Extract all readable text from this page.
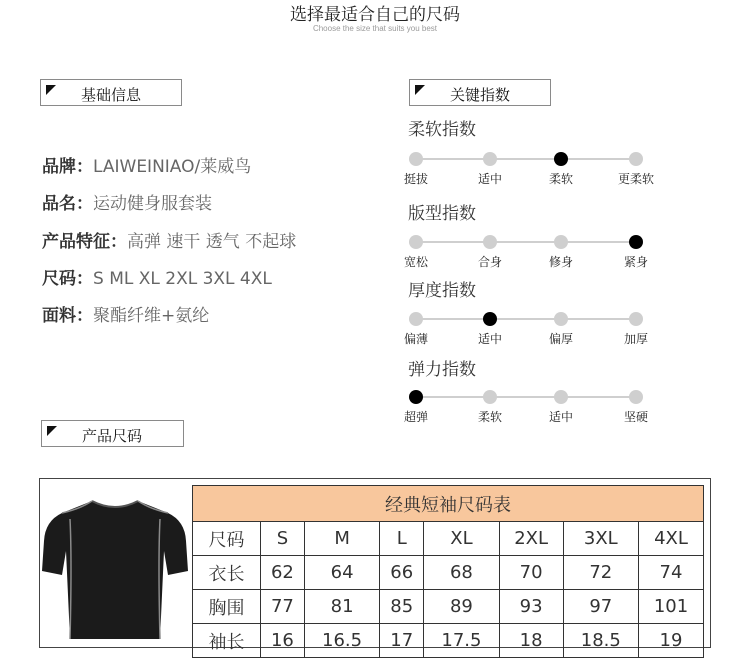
选择最适合自己的尺码
Choose the size that suits you best
基础信息
品牌：LAIWEINIAO/莱威鸟
品名：运动健身服套装
产品特征：高弹 速干 透气 不起球
尺码：S ML XL 2XL 3XL 4XL
面料：聚酯纤维+氨纶
关键指数
柔软指数
挺拔	适中	柔软	更柔软
版型指数
宽松	合身	修身	紧身
厚度指数
偏薄	适中	偏厚	加厚
弹力指数
超弹	柔软	适中	坚硬
产品尺码
经典短袖尺码表							
尺码	S	M	L	XL	2XL	3XL	4XL
衣长	62	64	66	68	70	72	74
胸围	77	81	85	89	93	97	101
袖长	16	16.5	17	17.5	18	18.5	19
